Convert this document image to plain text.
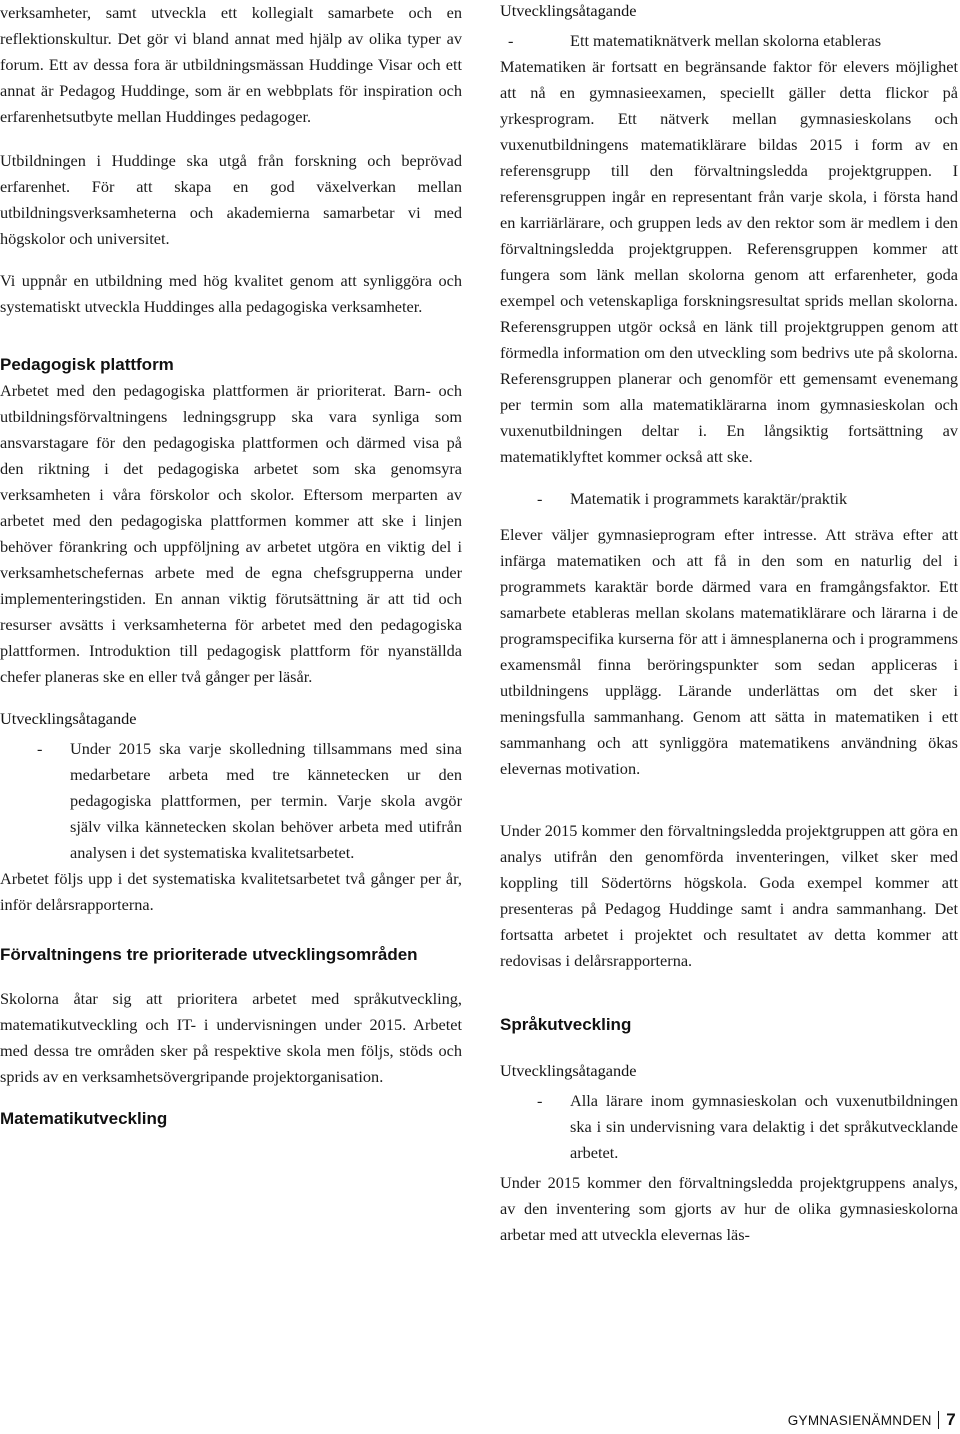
verksamheter, samt utveckla ett kollegialt samarbete och en reflektionskultur. Det gör vi bland annat med hjälp av olika typer av forum. Ett av dessa fora är utbildningsmässan Huddinge Visar och ett annat är Pedagog Huddinge, som är en webbplats för inspiration och erfarenhetsutbyte mellan Huddinges pedagoger.

Utbildningen i Huddinge ska utgå från forskning och beprövad erfarenhet. För att skapa en god växelverkan mellan utbildningsverksamheterna och akademierna samarbetar vi med högskolor och universitet.

Vi uppnår en utbildning med hög kvalitet genom att synliggöra och systematiskt utveckla Huddinges alla pedagogiska verksamheter.

Pedagogisk plattform

Arbetet med den pedagogiska plattformen är prioriterat. Barn- och utbildningsförvaltningens ledningsgrupp ska vara synliga som ansvarstagare för den pedagogiska plattformen och därmed visa på den riktning i det pedagogiska arbetet som ska genomsyra verksamheten i våra förskolor och skolor. Eftersom merparten av arbetet med den pedagogiska plattformen kommer att ske i linjen behöver förankring och uppföljning av arbetet utgöra en viktig del i verksamhetschefernas arbete med de egna chefsgrupperna under implementeringstiden. En annan viktig förutsättning är att tid och resurser avsätts i verksamheterna för arbetet med den pedagogiska plattformen. Introduktion till pedagogisk plattform för nyanställda chefer planeras ske en eller två gånger per läsår.

Utvecklingsåtagande

- Under 2015 ska varje skolledning tillsammans med sina medarbetare arbeta med tre kännetecken ur den pedagogiska plattformen, per termin. Varje skola avgör själv vilka kännetecken skolan behöver arbeta med utifrån analysen i det systematiska kvalitetsarbetet.

Arbetet följs upp i det systematiska kvalitetsarbetet två gånger per år, inför delårsrapporterna.

Förvaltningens tre prioriterade utvecklingsområden

Skolorna åtar sig att prioritera arbetet med språkutveckling, matematikutveckling och IT- i undervisningen under 2015. Arbetet med dessa tre områden sker på respektive skola men följs, stöds och sprids av en verksamhetsövergripande projektorganisation.

Matematikutveckling
Utvecklingsåtagande

-	Ett matematiknätverk mellan skolorna etableras

Matematiken är fortsatt en begränsande faktor för elevers möjlighet att nå en gymnasieexamen, speciellt gäller detta flickor på yrkesprogram. Ett nätverk mellan gymnasieskolans och vuxenutbildningens matematiklärare bildas 2015 i form av en referensgrupp till den förvaltningsledda projektgruppen. I referensgruppen ingår en representant från varje skola, i första hand en karriärlärare, och gruppen leds av den rektor som är medlem i den förvaltningsledda projektgruppen. Referensgruppen kommer att fungera som länk mellan skolorna genom att erfarenheter, goda exempel och vetenskapliga forskningsresultat sprids mellan skolorna. Referensgruppen utgör också en länk till projektgruppen genom att förmedla information om den utveckling som bedrivs ute på skolorna. Referensgruppen planerar och genomför ett gemensamt evenemang per termin som alla matematiklärarna inom gymnasieskolan och vuxenutbildningen deltar i. En långsiktig fortsättning av matematiklyftet kommer också att ske.

- Matematik i programmets karaktär/praktik

Elever väljer gymnasieprogram efter intresse. Att sträva efter att infärga matematiken och att få in den som en naturlig del i programmets karaktär borde därmed vara en framgångsfaktor. Ett samarbete etableras mellan skolans matematiklärare och lärarna i de programspecifika kurserna för att i ämnesplanerna och i programmens examensmål finna beröringspunkter som sedan appliceras i utbildningens upplägg. Lärande underlättas om det sker i meningsfulla sammanhang. Genom att sätta in matematiken i ett sammanhang och att synliggöra matematikens användning ökas elevernas motivation.

Under 2015 kommer den förvaltningsledda projektgruppen att göra en analys utifrån den genomförda inventeringen, vilket sker med koppling till Södertörns högskola. Goda exempel kommer att presenteras på Pedagog Huddinge samt i andra sammanhang. Det fortsatta arbetet i projektet och resultatet av detta kommer att redovisas i delårsrapporterna.

Språkutveckling
Utvecklingsåtagande

- Alla lärare inom gymnasieskolan och vuxenutbildningen ska i sin undervisning vara delaktig i det språkutvecklande arbetet.

Under 2015 kommer den förvaltningsledda projektgruppens analys, av den inventering som gjorts av hur de olika gymnasieskolorna arbetar med att utveckla elevernas läs-

GYMNASIENÄMNDEN 7
